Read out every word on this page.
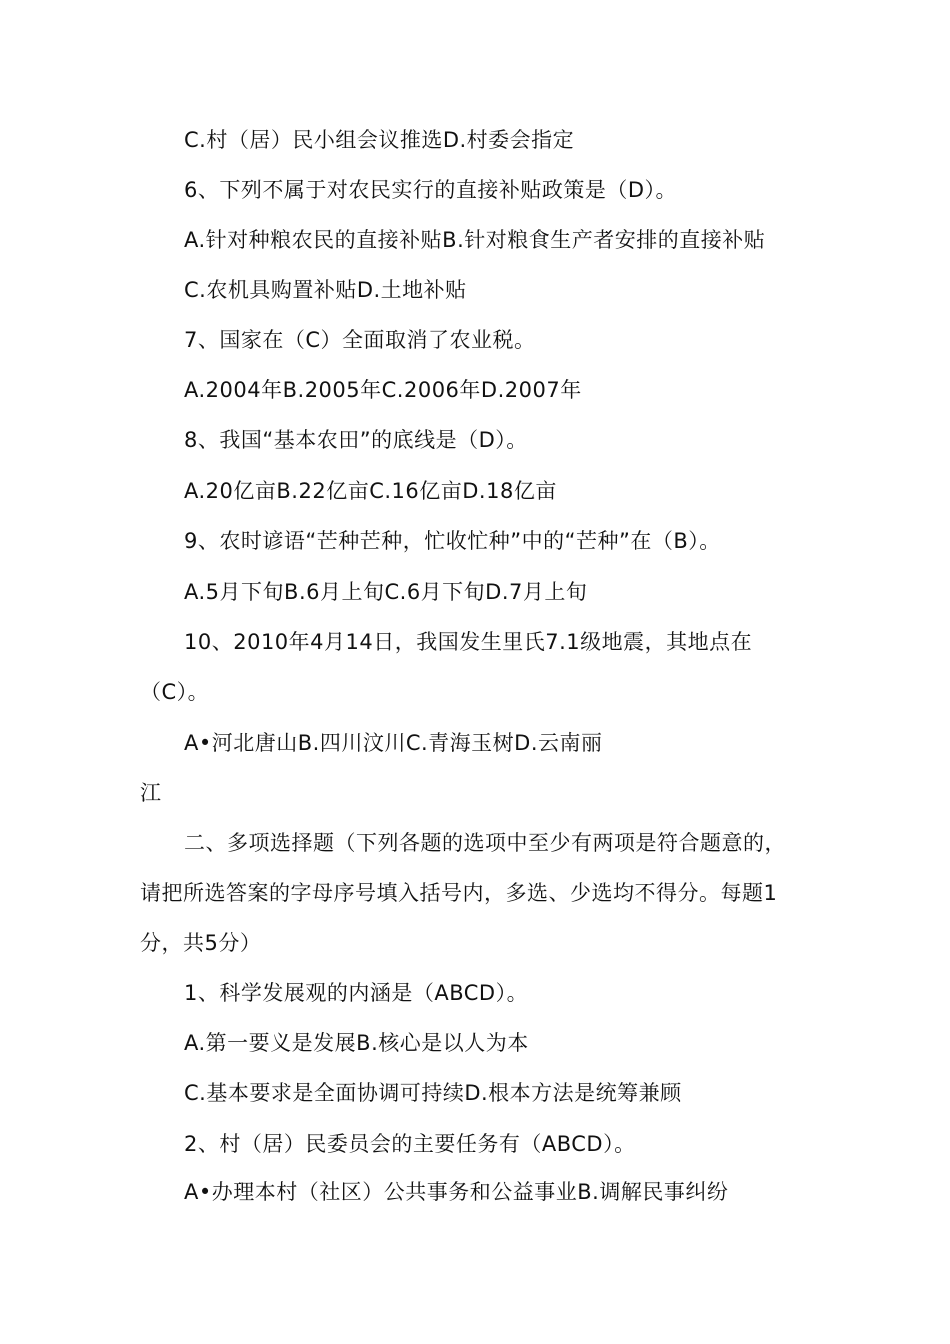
C.村（居）民小组会议推选D.村委会指定
6、下列不属于对农民实行的直接补贴政策是（D）。
A.针对种粮农民的直接补贴B.针对粮食生产者安排的直接补贴
C.农机具购置补贴D.土地补贴
7、国家在（C）全面取消了农业税。
A.2004年B.2005年C.2006年D.2007年
8、我国“基本农田”的底线是（D）。
A.20亿亩B.22亿亩C.16亿亩D.18亿亩
9、农时谚语“芒种芒种，忙收忙种”中的“芒种”在（B）。
A.5月下旬B.6月上旬C.6月下旬D.7月上旬
10、2010年4月14日，我国发生里氏7.1级地震，其地点在
（C）。
A•河北唐山B.四川汶川C.青海玉树D.云南丽
江
二、多项选择题（下列各题的选项中至少有两项是符合题意的，
请把所选答案的字母序号填入括号内，多选、少选均不得分。每题1
分，共5分）
1、科学发展观的内涵是（ABCD）。
A.第一要义是发展B.核心是以人为本
C.基本要求是全面协调可持续D.根本方法是统筹兼顾
2、村（居）民委员会的主要任务有（ABCD）。
A•办理本村（社区）公共事务和公益事业B.调解民事纠纷
